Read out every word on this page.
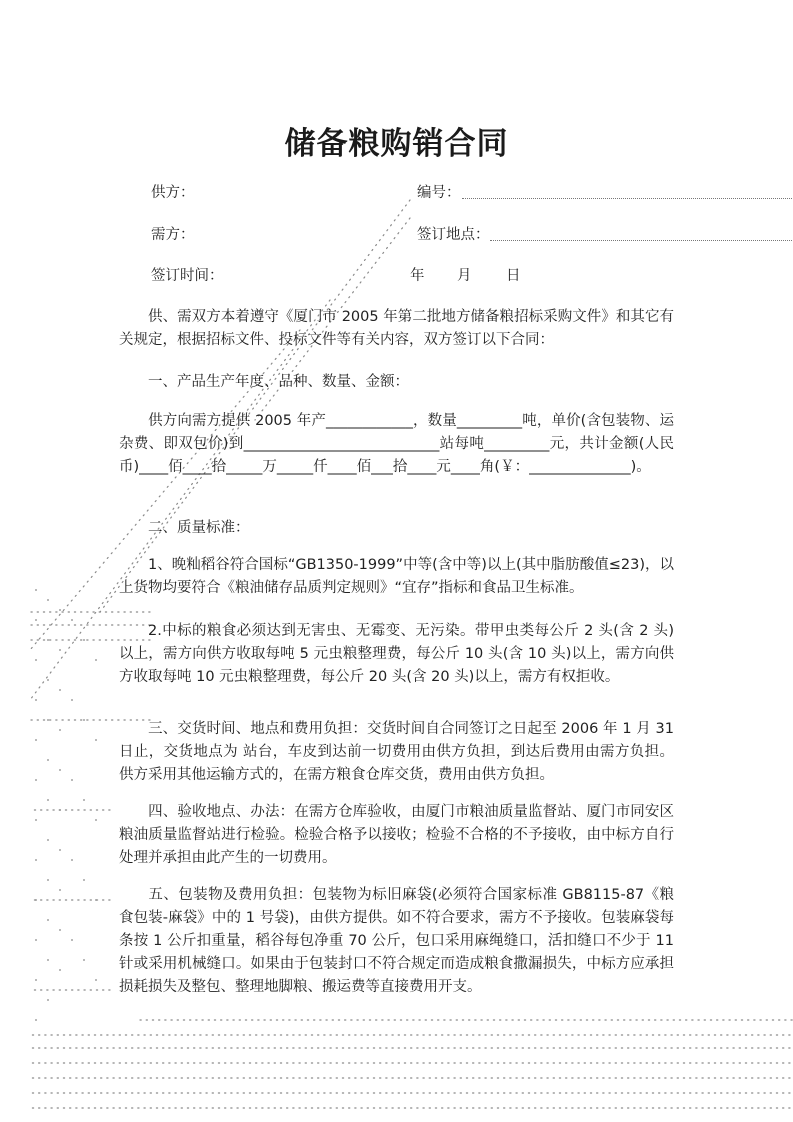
储备粮购销合同
供方：	编号：
需方：	签订地点：
签订时间：	年 月 日

供、需双方本着遵守《厦门市 2005 年第二批地方储备粮招标采购文件》和其它有关规定，根据招标文件、投标文件等有关内容，双方签订以下合同：

一、产品生产年度、品种、数量、金额：

供方向需方提供 2005 年产____________，数量_________吨，单价(含包装物、运杂费、即双包价)到___________________________站每吨_________元，共计金额(人民币)____佰____拾_____万_____仟____佰___拾____元____角(￥：______________)。

二、质量标准：

1、晚籼稻谷符合国标“GB1350-1999”中等(含中等)以上(其中脂肪酸值≤23)，以上货物均要符合《粮油储存品质判定规则》“宜存”指标和食品卫生标准。

2.中标的粮食必须达到无害虫、无霉变、无污染。带甲虫类每公斤 2 头(含 2 头)以上，需方向供方收取每吨 5 元虫粮整理费，每公斤 10 头(含 10 头)以上，需方向供方收取每吨 10 元虫粮整理费，每公斤 20 头(含 20 头)以上，需方有权拒收。

三、交货时间、地点和费用负担：交货时间自合同签订之日起至 2006 年 1 月 31 日止，交货地点为 站台，车皮到达前一切费用由供方负担，到达后费用由需方负担。供方采用其他运输方式的，在需方粮食仓库交货，费用由供方负担。

四、验收地点、办法：在需方仓库验收，由厦门市粮油质量监督站、厦门市同安区粮油质量监督站进行检验。检验合格予以接收；检验不合格的不予接收，由中标方自行处理并承担由此产生的一切费用。

五、包装物及费用负担：包装物为标旧麻袋(必须符合国家标准 GB8115-87《粮食包装-麻袋》中的 1 号袋)，由供方提供。如不符合要求，需方不予接收。包装麻袋每条按 1 公斤扣重量，稻谷每包净重 70 公斤，包口采用麻绳缝口，活扣缝口不少于 11 针或采用机械缝口。如果由于包装封口不符合规定而造成粮食撒漏损失，中标方应承担损耗损失及整包、整理地脚粮、搬运费等直接费用开支。
